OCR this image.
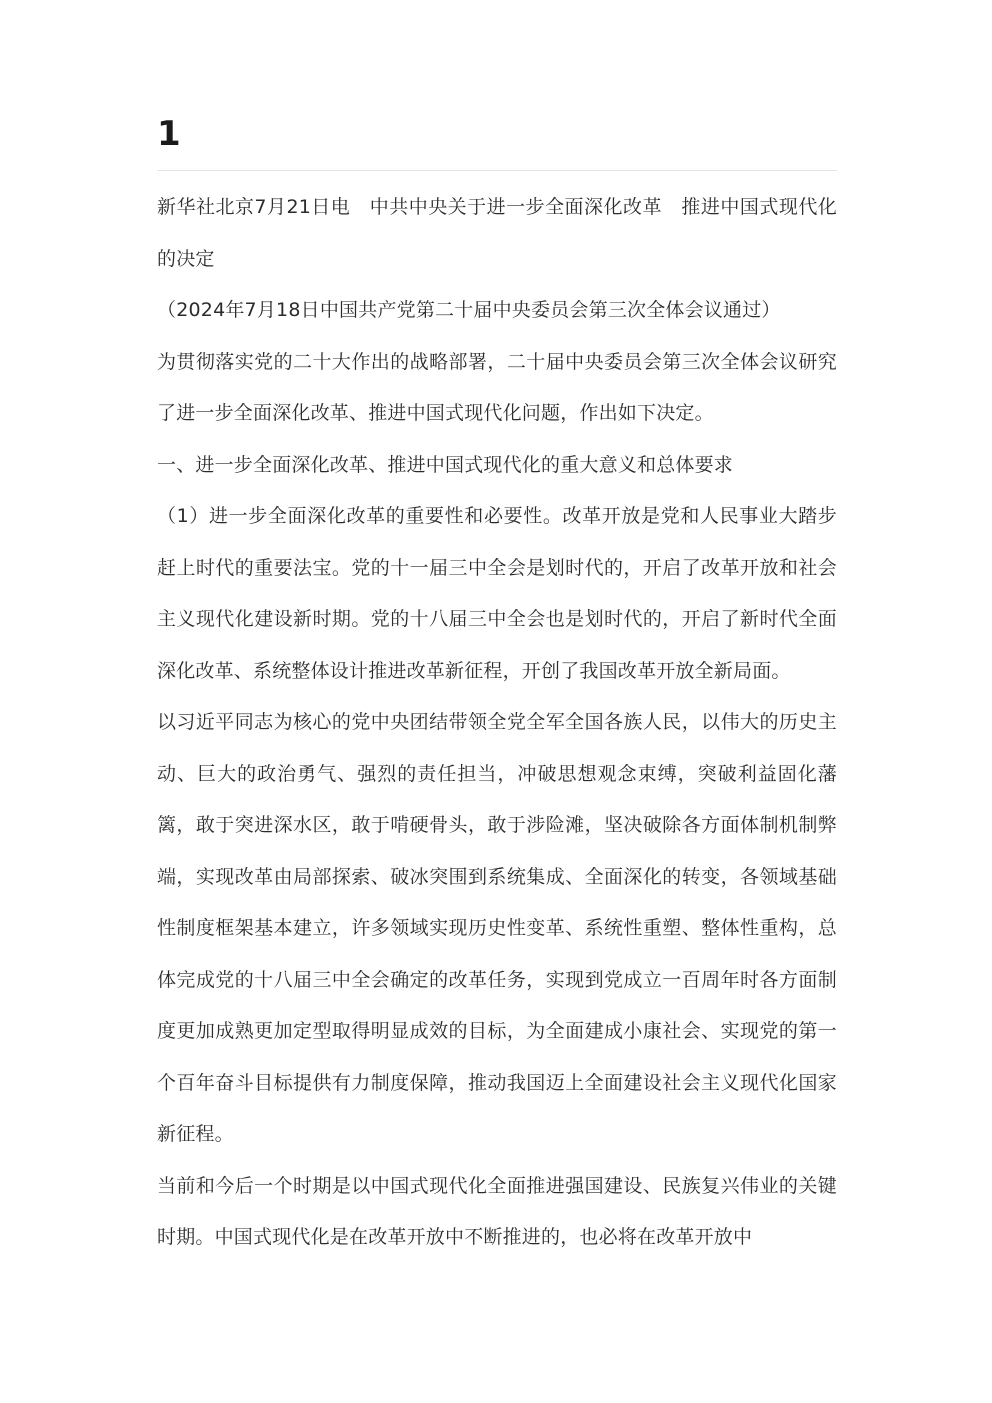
1

新华社北京7月21日电　中共中央关于进一步全面深化改革　推进中国式现代化的决定

（2024年7月18日中国共产党第二十届中央委员会第三次全体会议通过）

为贯彻落实党的二十大作出的战略部署，二十届中央委员会第三次全体会议研究了进一步全面深化改革、推进中国式现代化问题，作出如下决定。

一、进一步全面深化改革、推进中国式现代化的重大意义和总体要求

（1）进一步全面深化改革的重要性和必要性。改革开放是党和人民事业大踏步赶上时代的重要法宝。党的十一届三中全会是划时代的，开启了改革开放和社会主义现代化建设新时期。党的十八届三中全会也是划时代的，开启了新时代全面深化改革、系统整体设计推进改革新征程，开创了我国改革开放全新局面。

以习近平同志为核心的党中央团结带领全党全军全国各族人民，以伟大的历史主动、巨大的政治勇气、强烈的责任担当，冲破思想观念束缚，突破利益固化藩篱，敢于突进深水区，敢于啃硬骨头，敢于涉险滩，坚决破除各方面体制机制弊端，实现改革由局部探索、破冰突围到系统集成、全面深化的转变，各领域基础性制度框架基本建立，许多领域实现历史性变革、系统性重塑、整体性重构，总体完成党的十八届三中全会确定的改革任务，实现到党成立一百周年时各方面制度更加成熟更加定型取得明显成效的目标，为全面建成小康社会、实现党的第一个百年奋斗目标提供有力制度保障，推动我国迈上全面建设社会主义现代化国家新征程。

当前和今后一个时期是以中国式现代化全面推进强国建设、民族复兴伟业的关键时期。中国式现代化是在改革开放中不断推进的，也必将在改革开放中
